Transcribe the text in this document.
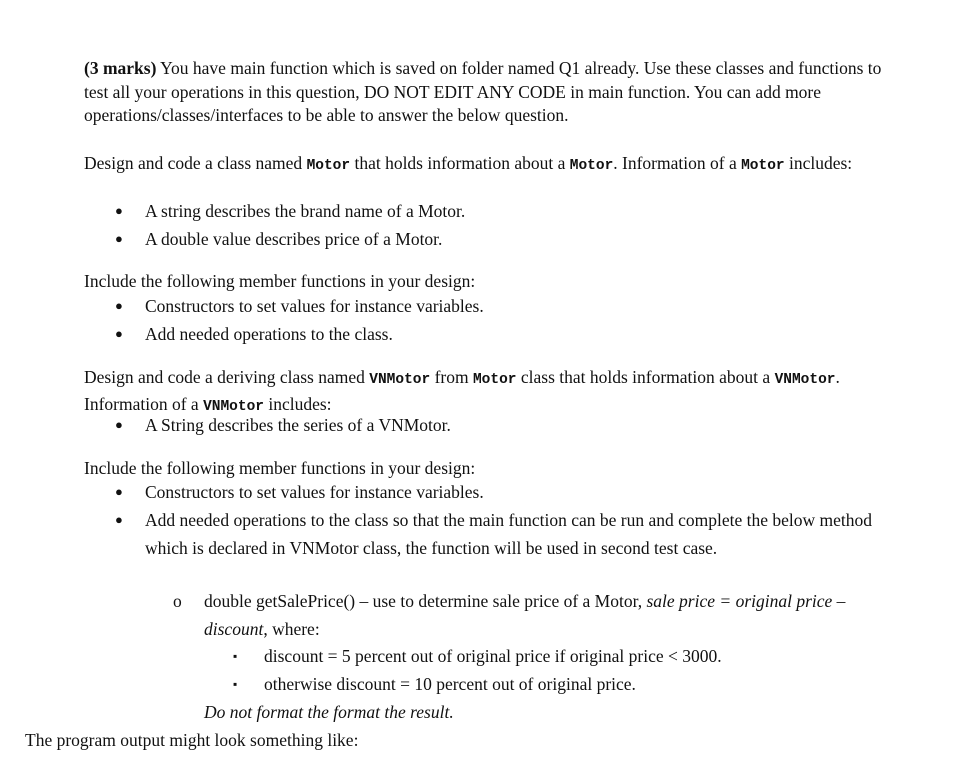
(3 marks) You have main function which is saved on folder named Q1 already. Use these classes and functions to test all your operations in this question, DO NOT EDIT ANY CODE in main function. You can add more operations/classes/interfaces to be able to answer the below question.

Design and code a class named Motor that holds information about a Motor. Information of a Motor includes:

● A string describes the brand name of a Motor.
● A double value describes price of a Motor.

Include the following member functions in your design:

● Constructors to set values for instance variables.
● Add needed operations to the class.

Design and code a deriving class named VNMotor from Motor class that holds information about a VNMotor. Information of a VNMotor includes:

● A String describes the series of a VNMotor.

Include the following member functions in your design:

● Constructors to set values for instance variables.
● Add needed operations to the class so that the main function can be run and complete the below method which is declared in VNMotor class, the function will be used in second test case.
o double getSalePrice() – use to determine sale price of a Motor, sale price = original price – discount, where:
▪ discount = 5 percent out of original price if original price < 3000.
▪ otherwise discount = 10 percent out of original price.

Do not format the format the result.

The program output might look something like:
